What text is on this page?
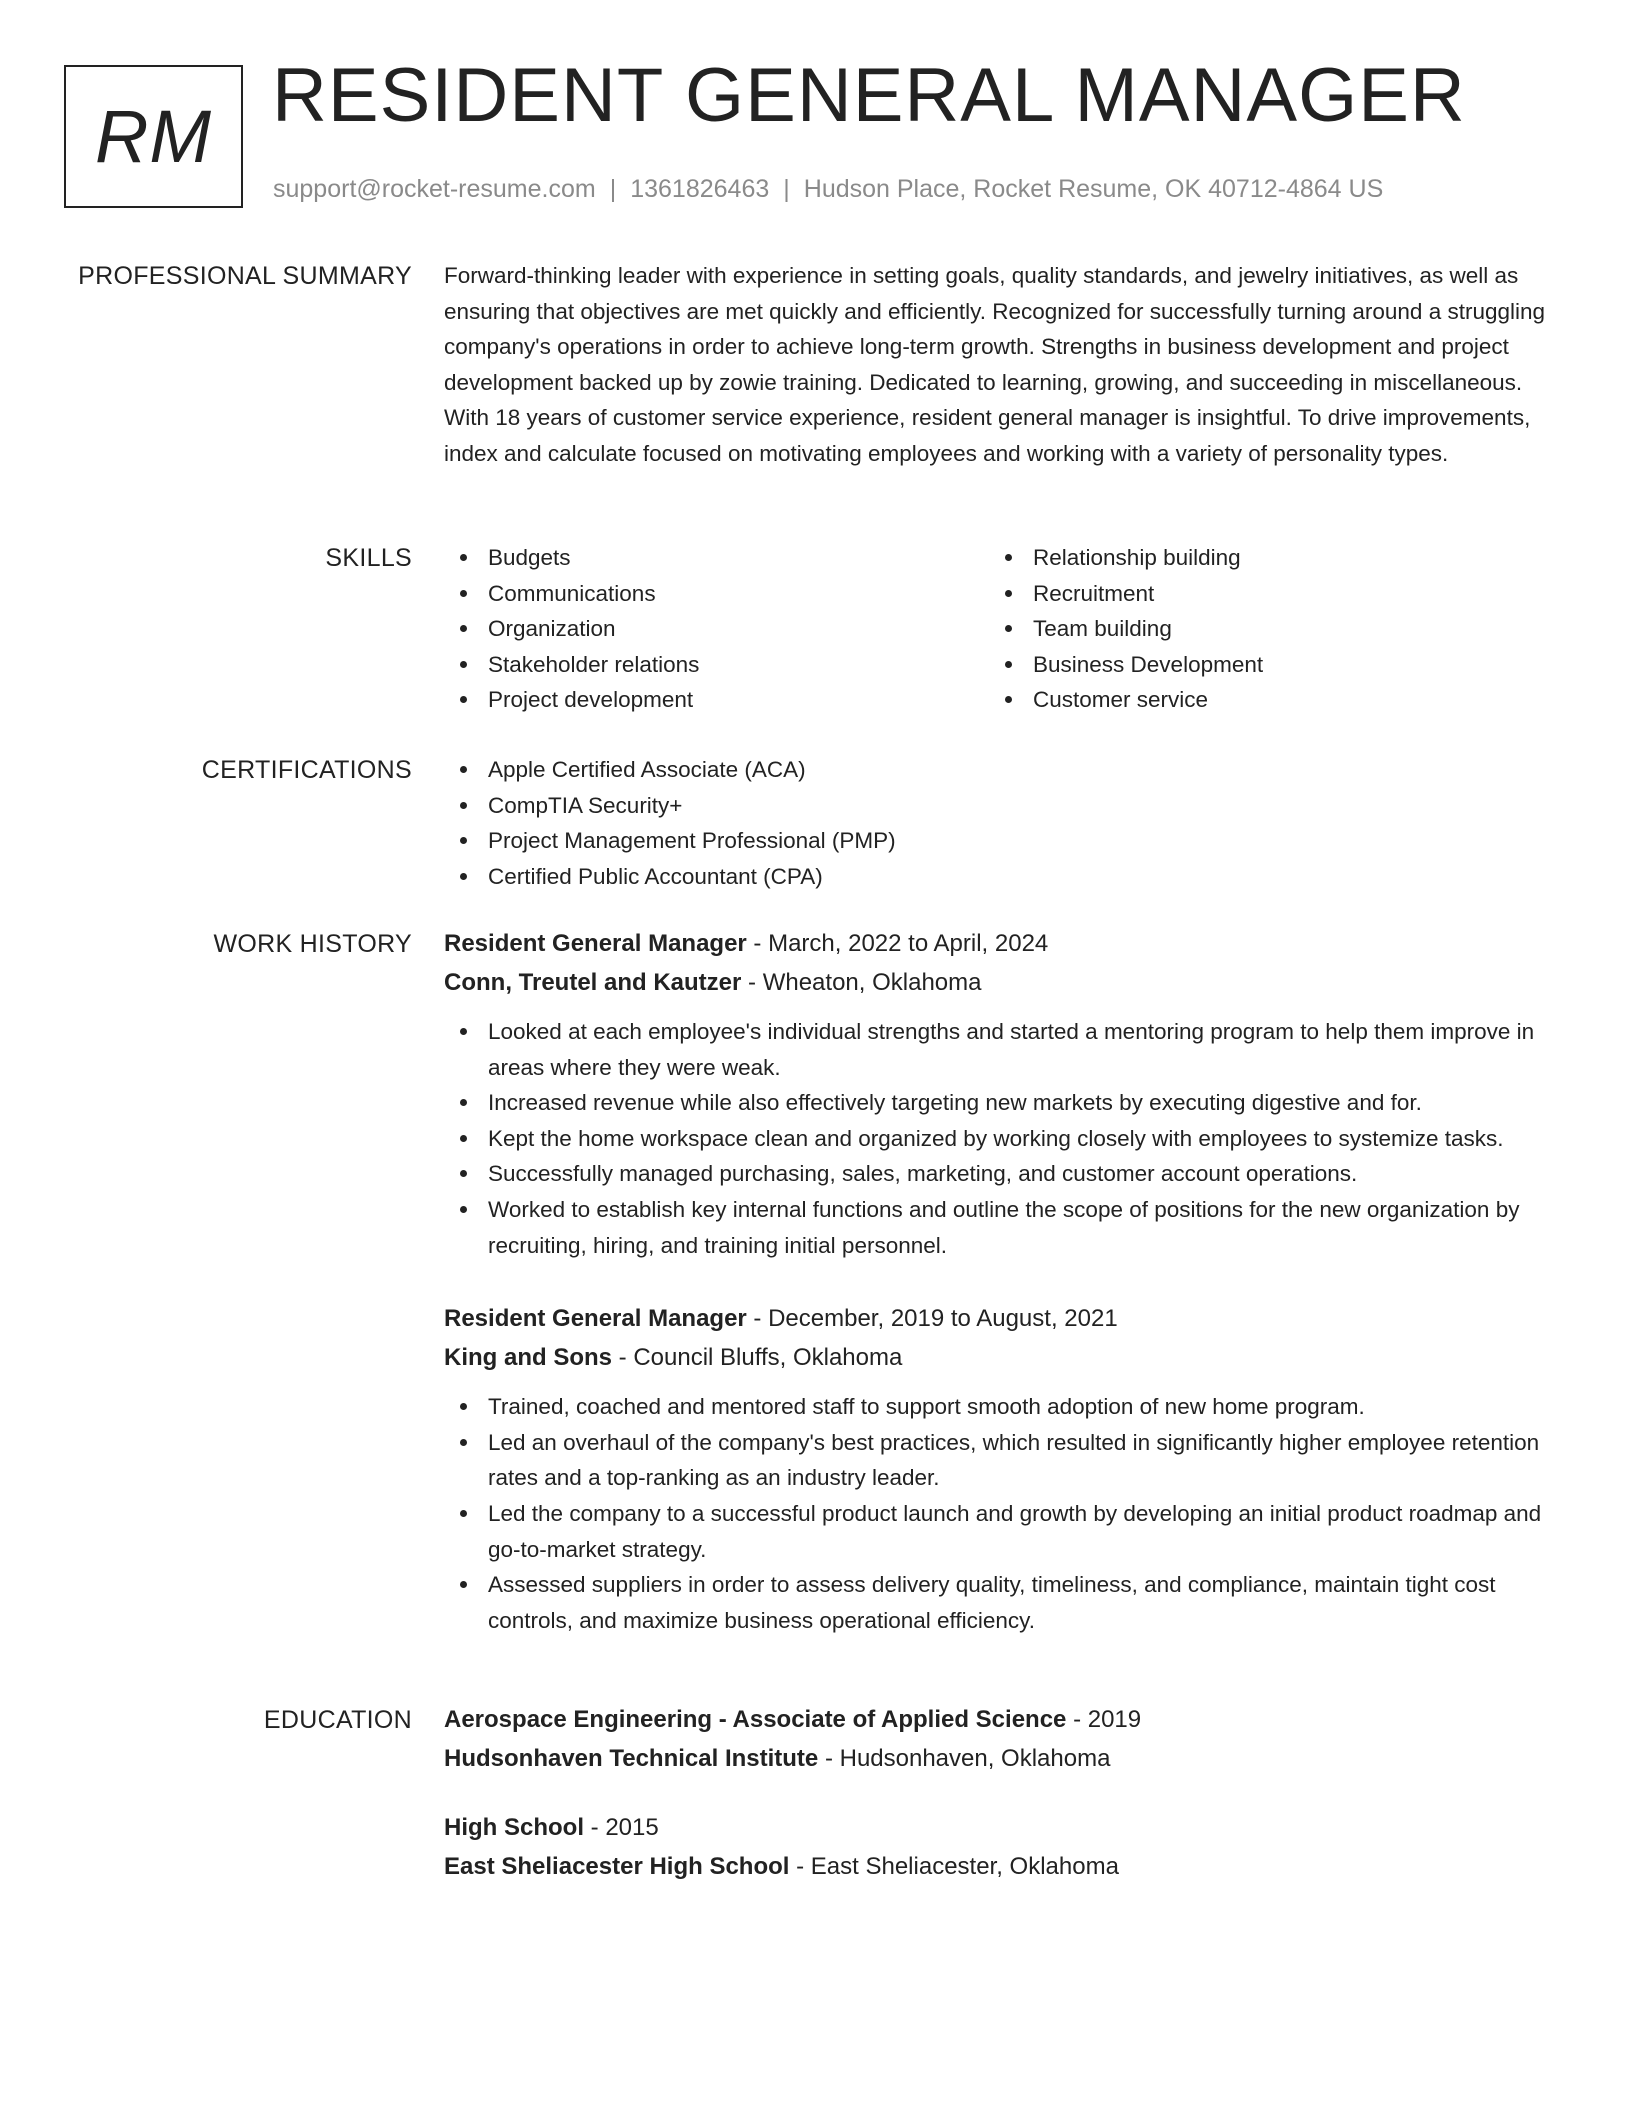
RM RESIDENT GENERAL MANAGER
support@rocket-resume.com | 1361826463 | Hudson Place, Rocket Resume, OK 40712-4864 US
PROFESSIONAL SUMMARY Forward-thinking leader with experience in setting goals, quality standards, and jewelry initiatives, as well as ensuring that objectives are met quickly and efficiently. Recognized for successfully turning around a struggling company's operations in order to achieve long-term growth. Strengths in business development and project development backed up by zowie training. Dedicated to learning, growing, and succeeding in miscellaneous. With 18 years of customer service experience, resident general manager is insightful. To drive improvements, index and calculate focused on motivating employees and working with a variety of personality types.

SKILLS	Budgets
Communications
Organization
Stakeholder relations
Project development
Relationship building
Recruitment
Team building
Business Development
Customer service
CERTIFICATIONS	Apple Certified Associate (ACA)
CompTIA Security+
Project Management Professional (PMP)
Certified Public Accountant (CPA)
WORK HISTORY Resident General Manager - March, 2022 to April, 2024
Conn, Treutel and Kautzer - Wheaton, Oklahoma
Looked at each employee's individual strengths and started a mentoring program to help them improve in areas where they were weak.
Increased revenue while also effectively targeting new markets by executing digestive and for.
Kept the home workspace clean and organized by working closely with employees to systemize tasks.
Successfully managed purchasing, sales, marketing, and customer account operations.
Worked to establish key internal functions and outline the scope of positions for the new organization by recruiting, hiring, and training initial personnel.
Resident General Manager - December, 2019 to August, 2021
King and Sons - Council Bluffs, Oklahoma
Trained, coached and mentored staff to support smooth adoption of new home program.
Led an overhaul of the company's best practices, which resulted in significantly higher employee retention rates and a top-ranking as an industry leader.
Led the company to a successful product launch and growth by developing an initial product roadmap and go-to-market strategy.
Assessed suppliers in order to assess delivery quality, timeliness, and compliance, maintain tight cost controls, and maximize business operational efficiency.
EDUCATION Aerospace Engineering - Associate of Applied Science - 2019
Hudsonhaven Technical Institute - Hudsonhaven, Oklahoma
High School - 2015
East Sheliacester High School - East Sheliacester, Oklahoma
